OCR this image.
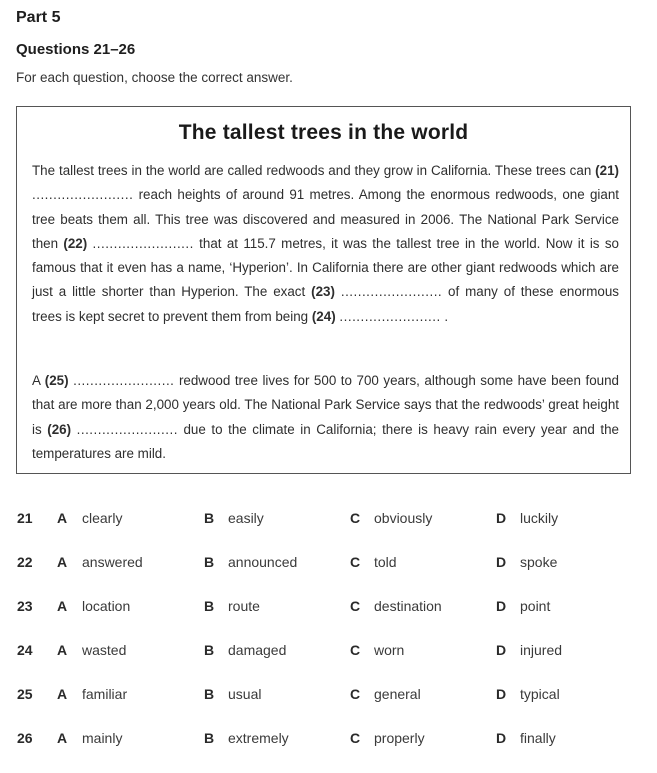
Part 5
Questions 21–26
For each question, choose the correct answer.
The tallest trees in the world
The tallest trees in the world are called redwoods and they grow in California. These trees can (21) ........................ reach heights of around 91 metres. Among the enormous redwoods, one giant tree beats them all. This tree was discovered and measured in 2006. The National Park Service then (22) ........................ that at 115.7 metres, it was the tallest tree in the world. Now it is so famous that it even has a name, ‘Hyperion’. In California there are other giant redwoods which are just a little shorter than Hyperion. The exact (23) ........................ of many of these enormous trees is kept secret to prevent them from being (24) ........................ .
A (25) ........................ redwood tree lives for 500 to 700 years, although some have been found that are more than 2,000 years old. The National Park Service says that the redwoods’ great height is (26) ........................ due to the climate in California; there is heavy rain every year and the temperatures are mild.
21 A clearly	B easily	C obviously	D luckily
22 A answered	B announced	C told	D spoke
23 A location	B route	C destination	D point
24 A wasted	B damaged	C worn	D injured
25 A familiar	B usual	C general	D typical
26 A mainly	B extremely	C properly	D finally
